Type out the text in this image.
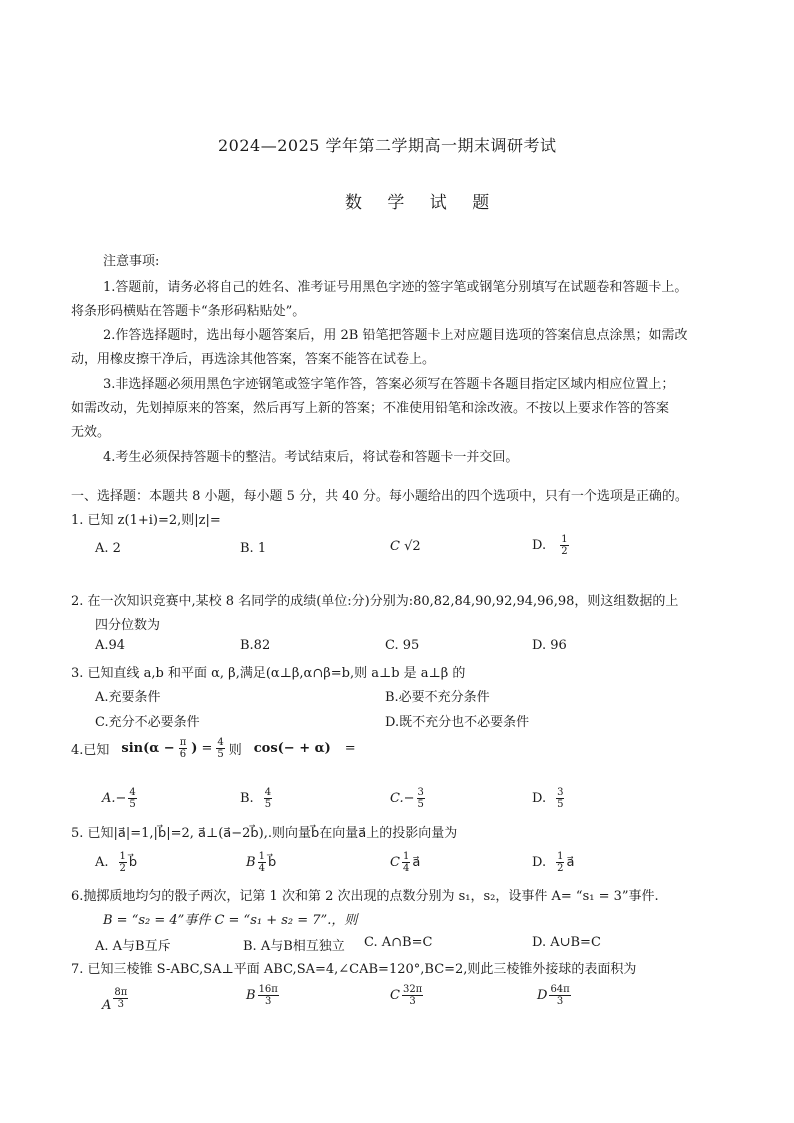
2024—2025 学年第二学期高一期末调研考试
数 学 试 题
注意事项:
1.答题前，请务必将自己的姓名、准考证号用黑色字迹的签字笔或钢笔分别填写在试题卷和答题卡上。
将条形码横贴在答题卡“条形码粘贴处”。
2.作答选择题时，选出每小题答案后，用 2B 铅笔把答题卡上对应题目选项的答案信息点涂黑；如需改
动，用橡皮擦干净后，再选涂其他答案，答案不能答在试卷上。
3.非选择题必须用黑色字迹钢笔或签字笔作答，答案必须写在答题卡各题目指定区域内相应位置上；
如需改动，先划掉原来的答案，然后再写上新的答案；不准使用铅笔和涂改液。不按以上要求作答的答案
无效。
4.考生必须保持答题卡的整洁。考试结束后，将试卷和答题卡一并交回。
一、选择题：本题共 8 小题，每小题 5 分，共 40 分。每小题给出的四个选项中，只有一个选项是正确的。
1. 已知 z(1+i)=2,则|z|=
A. 2	B. 1	C √2	D. $\frac{1}{2}$
2. 在一次知识竞赛中,某校 8 名同学的成绩(单位:分)分别为:80,82,84,90,92,94,96,98，则这组数据的上
四分位数为
A.94	B.82	C. 95	D. 96
3. 已知直线 a,b 和平面 α, β,满足(α⊥β,α∩β=b,则 a⊥b 是 a⊥β 的
A.充要条件	B.必要不充分条件
C.充分不必要条件	D.既不充分也不必要条件
4.已知 $\sin(\alpha - \frac{\pi}{6}$ ) = $\frac{4}{5}$ 则 cos(− + α) =
$A.- \frac{4}{5}$	B. $\frac{4}{5}$	$C.- \frac{3}{5}$	D. $\frac{3}{5}$
5. 已知|a⃗|=1,|b⃗|=2, a⃗⊥(a⃗−2b⃗),.则向量b⃗在向量a⃗上的投影向量为
A. $\frac{1}{2}$ b⃗	B $\frac{1}{4}$ b⃗	C $\frac{1}{4}$ a⃗	D. $\frac{1}{2}$ a⃗
6.抛掷质地均匀的骰子两次，记第 1 次和第 2 次出现的点数分别为 s₁，s₂，设事件 A= “s₁ = 3”事件.
B = “s₂ = 4”事件 C = “s₁ + s₂ = 7”.，则
A. A与B互斥	B. A与B相互独立 C. A∩B=C	D. A∪B=C
7. 已知三棱锥 S-ABC,SA⊥平面 ABC,SA=4,∠CAB=120°,BC=2,则此三棱锥外接球的表面积为
A $\frac{8\pi}{3}$	B $\frac{16\pi}{3}$	C $\frac{32\pi}{3}$	D $\frac{64\pi}{3}$
